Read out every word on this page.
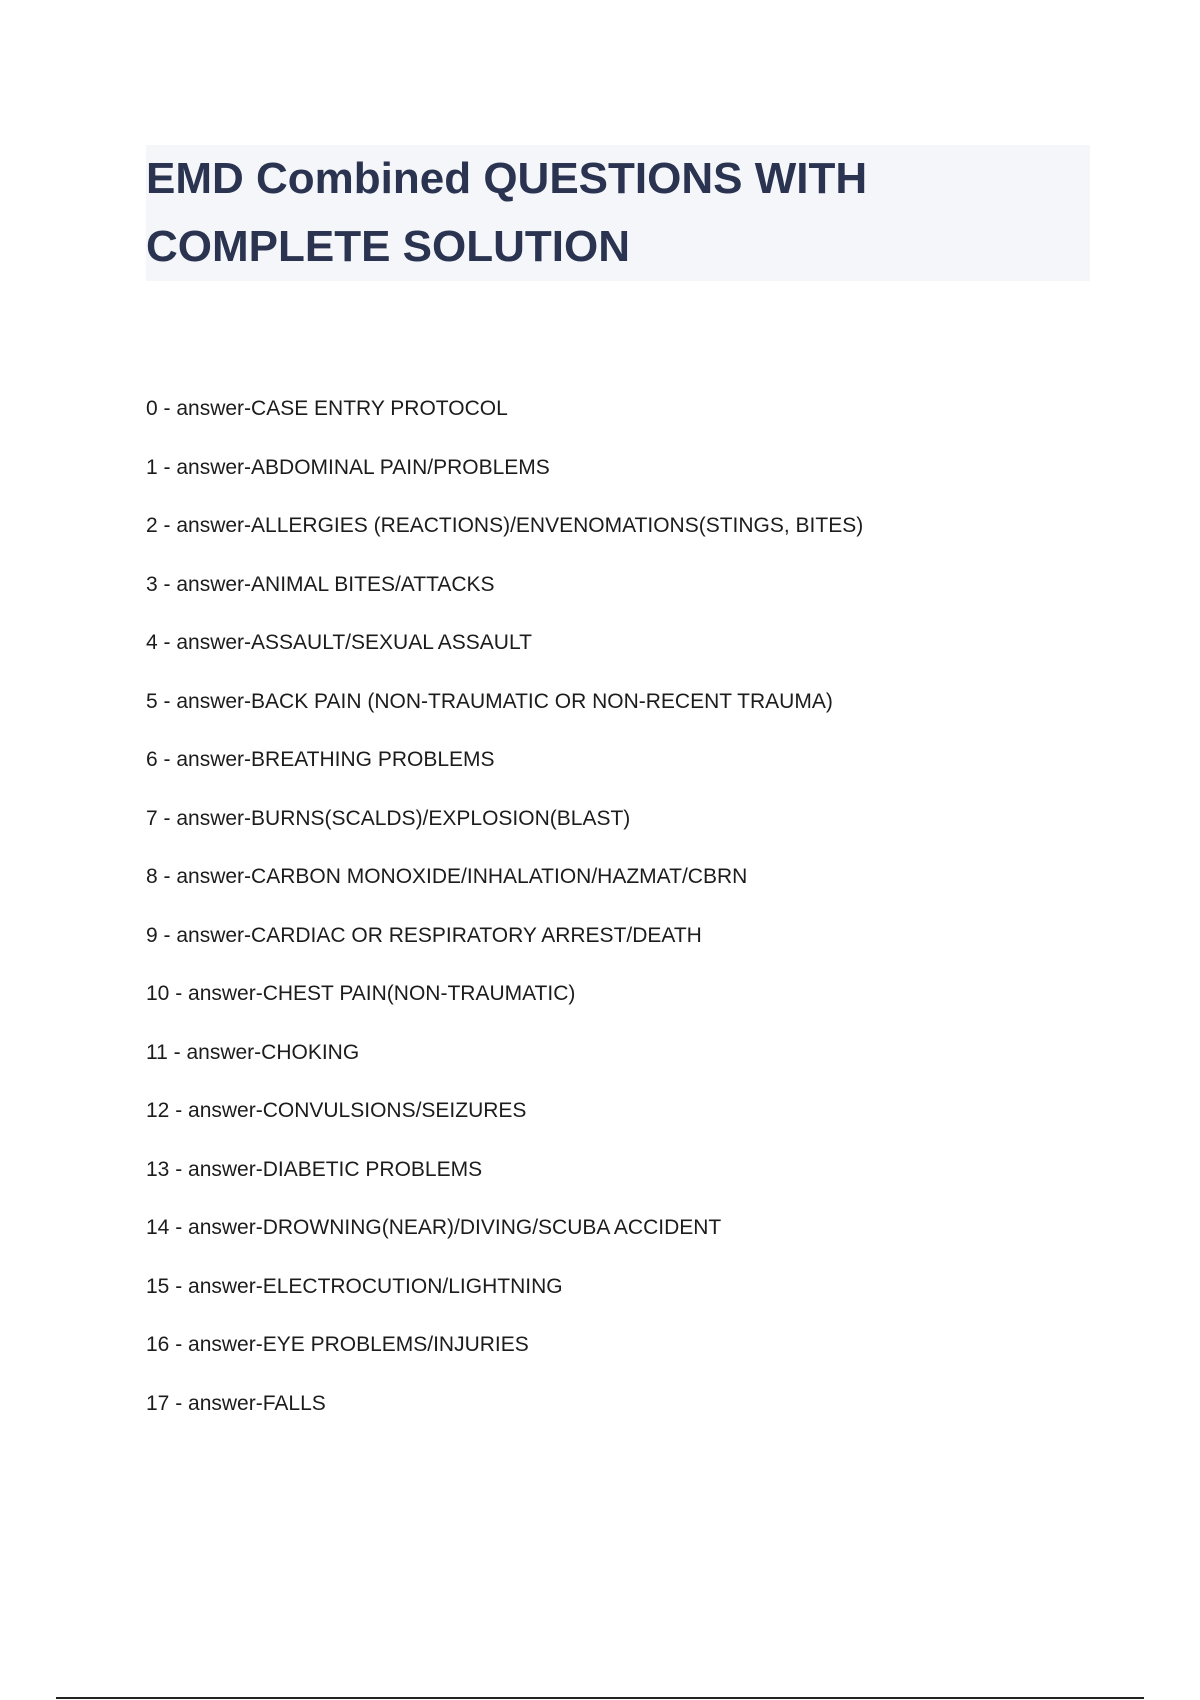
EMD Combined QUESTIONS WITH
COMPLETE SOLUTION
0 - answer-CASE ENTRY PROTOCOL
1 - answer-ABDOMINAL PAIN/PROBLEMS
2 - answer-ALLERGIES (REACTIONS)/ENVENOMATIONS(STINGS, BITES)
3 - answer-ANIMAL BITES/ATTACKS
4 - answer-ASSAULT/SEXUAL ASSAULT
5 - answer-BACK PAIN (NON-TRAUMATIC OR NON-RECENT TRAUMA)
6 - answer-BREATHING PROBLEMS
7 - answer-BURNS(SCALDS)/EXPLOSION(BLAST)
8 - answer-CARBON MONOXIDE/INHALATION/HAZMAT/CBRN
9 - answer-CARDIAC OR RESPIRATORY ARREST/DEATH
10 - answer-CHEST PAIN(NON-TRAUMATIC)
11 - answer-CHOKING
12 - answer-CONVULSIONS/SEIZURES
13 - answer-DIABETIC PROBLEMS
14 - answer-DROWNING(NEAR)/DIVING/SCUBA ACCIDENT
15 - answer-ELECTROCUTION/LIGHTNING
16 - answer-EYE PROBLEMS/INJURIES
17 - answer-FALLS
